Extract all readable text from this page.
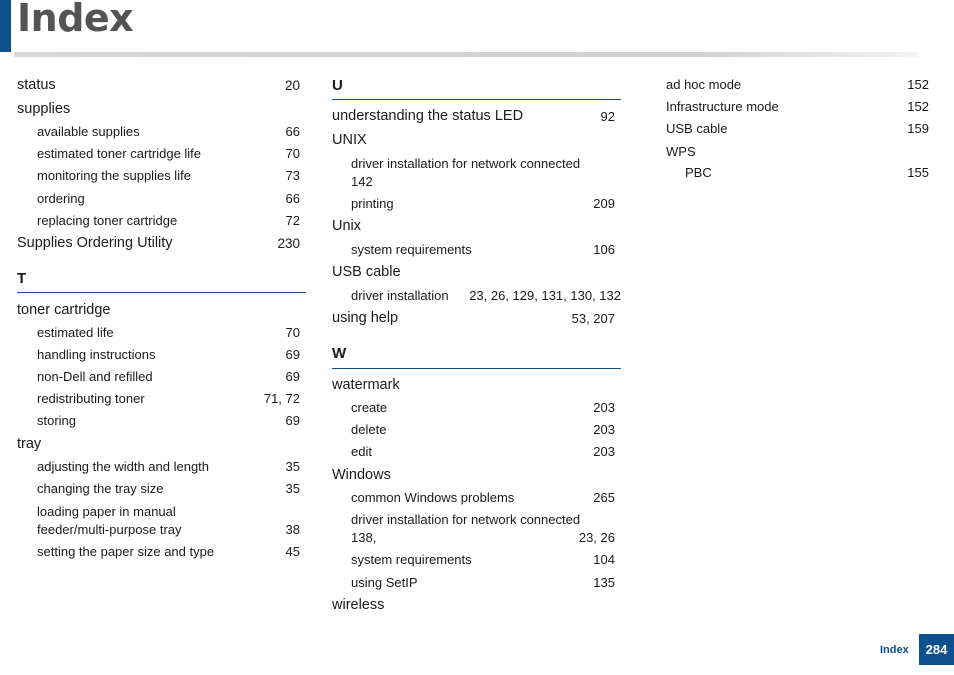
Index
status	20
supplies
available supplies	66
estimated toner cartridge life	70
monitoring the supplies life	73
ordering	66
replacing toner cartridge	72
Supplies Ordering Utility	230
T
toner cartridge
estimated life	70
handling instructions	69
non-Dell and refilled	69
redistributing toner	71, 72
storing	69
tray
adjusting the width and length	35
changing the tray size	35
loading paper in manual
feeder/multi-purpose tray	38
setting the paper size and type	45
U
understanding the status LED	92
UNIX
driver installation for network connected
142
printing	209
Unix
system requirements	106
USB cable
driver installation 23, 26, 129, 131, 130, 132
using help	53, 207
W
watermark
create	203
delete	203
edit	203
Windows
common Windows problems	265
driver installation for network connected
138,	23, 26
system requirements	104
using SetIP	135
wireless
ad hoc mode	152
Infrastructure mode	152
USB cable	159
WPS
PBC	155
Index 284
